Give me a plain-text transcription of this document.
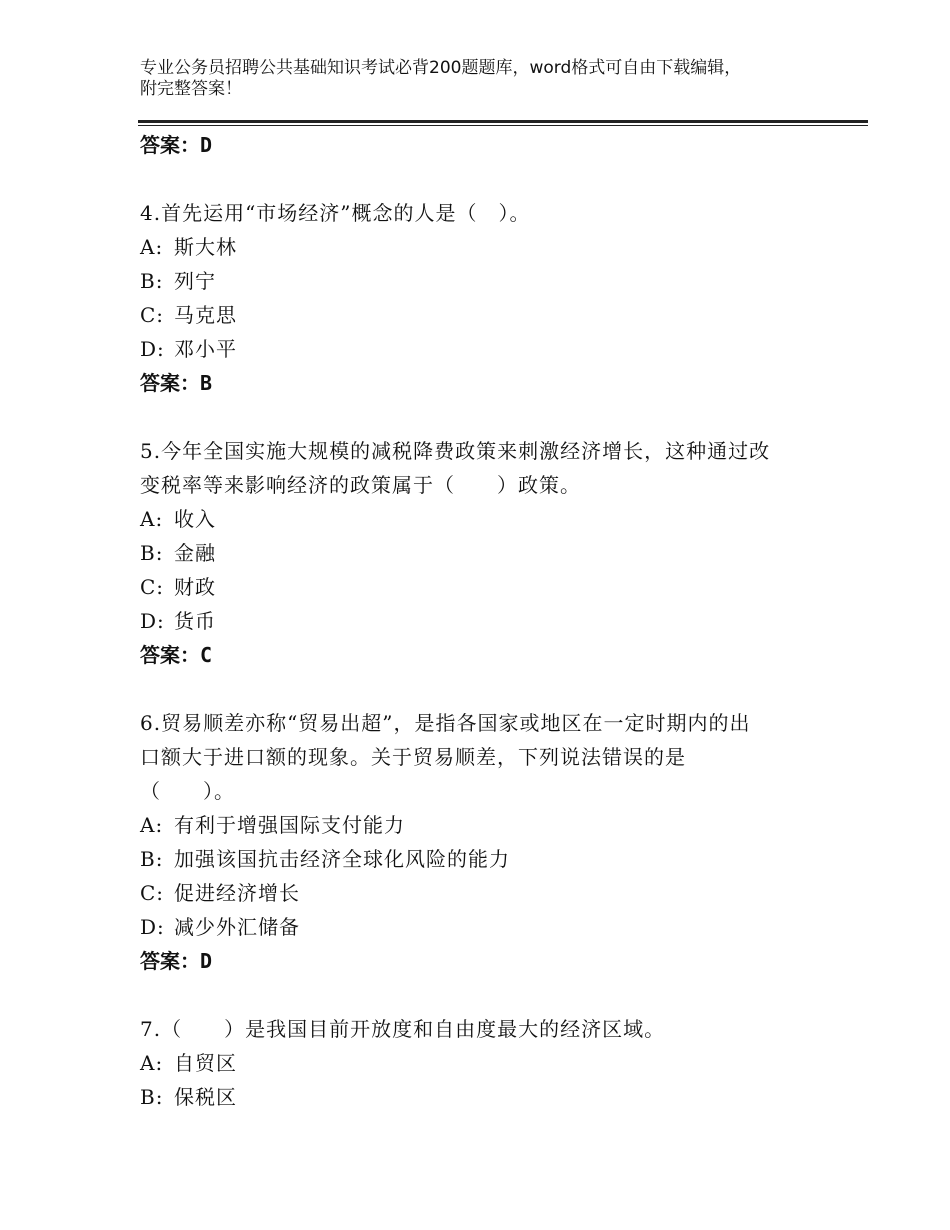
专业公务员招聘公共基础知识考试必背200题题库，word格式可自由下载编辑，
附完整答案！
答案：D
4.首先运用“市场经济”概念的人是（　）。
A: 斯大林
B: 列宁
C: 马克思
D: 邓小平
答案：B
5.今年全国实施大规模的减税降费政策来刺激经济增长，这种通过改
变税率等来影响经济的政策属于（　　）政策。
A: 收入
B: 金融
C: 财政
D: 货币
答案：C
6.贸易顺差亦称“贸易出超”，是指各国家或地区在一定时期内的出
口额大于进口额的现象。关于贸易顺差，下列说法错误的是
（　　）。
A: 有利于增强国际支付能力
B: 加强该国抗击经济全球化风险的能力
C: 促进经济增长
D: 减少外汇储备
答案：D
7.（　　）是我国目前开放度和自由度最大的经济区域。
A: 自贸区
B: 保税区
